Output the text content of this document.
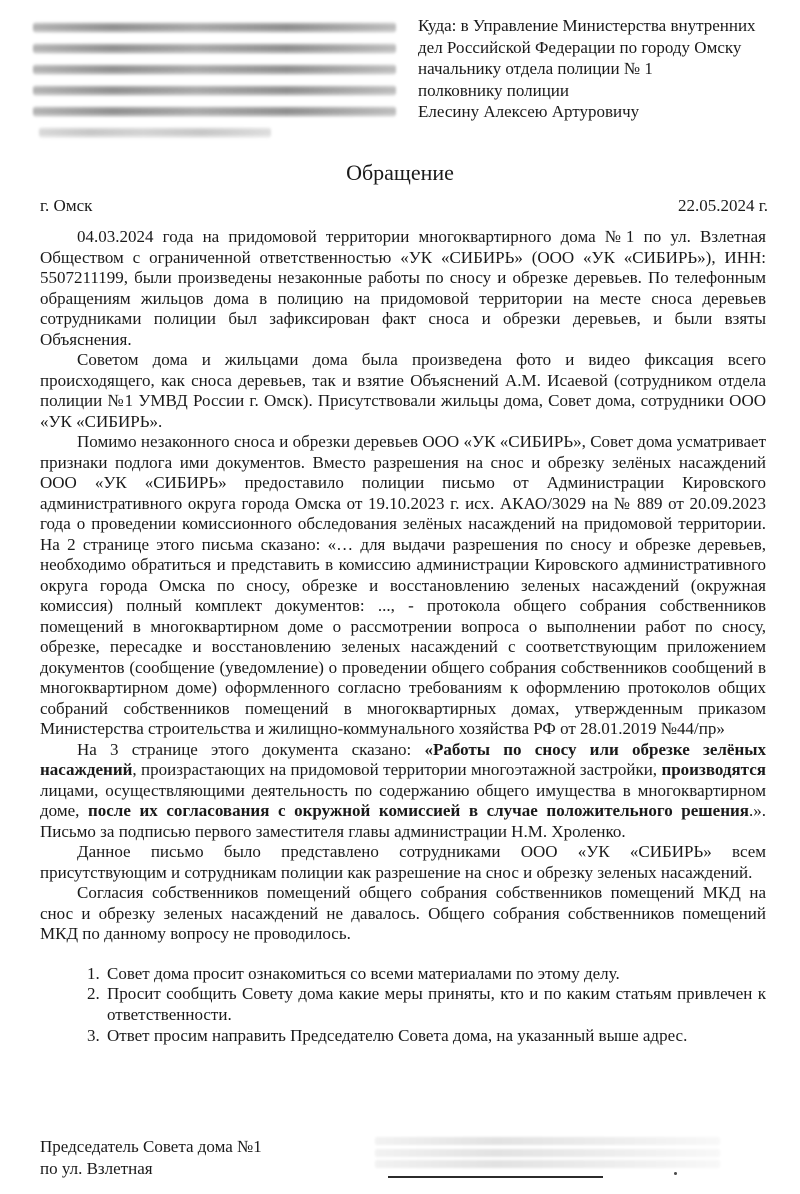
Куда: в Управление Министерства внутренних
дел Российской Федерации по городу Омску
начальнику отдела полиции № 1
полковнику полиции
Елесину Алексею Артуровичу
Обращение
г. Омск	22.05.2024 г.

04.03.2024 года на придомовой территории многоквартирного дома №1 по ул. Взлетная Обществом с ограниченной ответственностью «УК «СИБИРЬ» (ООО «УК «СИБИРЬ»), ИНН: 5507211199, были произведены незаконные работы по сносу и обрезке деревьев. По телефонным обращениям жильцов дома в полицию на придомовой территории на месте сноса деревьев сотрудниками полиции был зафиксирован факт сноса и обрезки деревьев, и были взяты Объяснения.

Советом дома и жильцами дома была произведена фото и видео фиксация всего происходящего, как сноса деревьев, так и взятие Объяснений А.М. Исаевой (сотрудником отдела полиции №1 УМВД России г. Омск). Присутствовали жильцы дома, Совет дома, сотрудники ООО «УК «СИБИРЬ».

Помимо незаконного сноса и обрезки деревьев ООО «УК «СИБИРЬ», Совет дома усматривает признаки подлога ими документов. Вместо разрешения на снос и обрезку зелёных насаждений ООО «УК «СИБИРЬ» предоставило полиции письмо от Администрации Кировского административного округа города Омска от 19.10.2023 г. исх. АКАО/3029 на № 889 от 20.09.2023 года о проведении комиссионного обследования зелёных насаждений на придомовой территории. На 2 странице этого письма сказано: «… для выдачи разрешения по сносу и обрезке деревьев, необходимо обратиться и представить в комиссию администрации Кировского административного округа города Омска по сносу, обрезке и восстановлению зеленых насаждений (окружная комиссия) полный комплект документов: ..., - протокола общего собрания собственников помещений в многоквартирном доме о рассмотрении вопроса о выполнении работ по сносу, обрезке, пересадке и восстановлению зеленых насаждений с соответствующим приложением документов (сообщение (уведомление) о проведении общего собрания собственников сообщений в многоквартирном доме) оформленного согласно требованиям к оформлению протоколов общих собраний собственников помещений в многоквартирных домах, утвержденным приказом Министерства строительства и жилищно-коммунального хозяйства РФ от 28.01.2019 №44/пр»

На 3 странице этого документа сказано: «Работы по сносу или обрезке зелёных насаждений, произрастающих на придомовой территории многоэтажной застройки, производятся лицами, осуществляющими деятельность по содержанию общего имущества в многоквартирном доме, после их согласования с окружной комиссией в случае положительного решения.». Письмо за подписью первого заместителя главы администрации Н.М. Хроленко.

Данное письмо было представлено сотрудниками ООО «УК «СИБИРЬ» всем присутствующим и сотрудникам полиции как разрешение на снос и обрезку зеленых насаждений.

Согласия собственников помещений общего собрания собственников помещений МКД на снос и обрезку зеленых насаждений не давалось. Общего собрания собственников помещений МКД по данному вопросу не проводилось.

1. Совет дома просит ознакомиться со всеми материалами по этому делу.
2. Просит сообщить Совету дома какие меры приняты, кто и по каким статьям привлечен к ответственности.
3. Ответ просим направить Председателю Совета дома, на указанный выше адрес.
Председатель Совета дома №1
по ул. Взлетная
